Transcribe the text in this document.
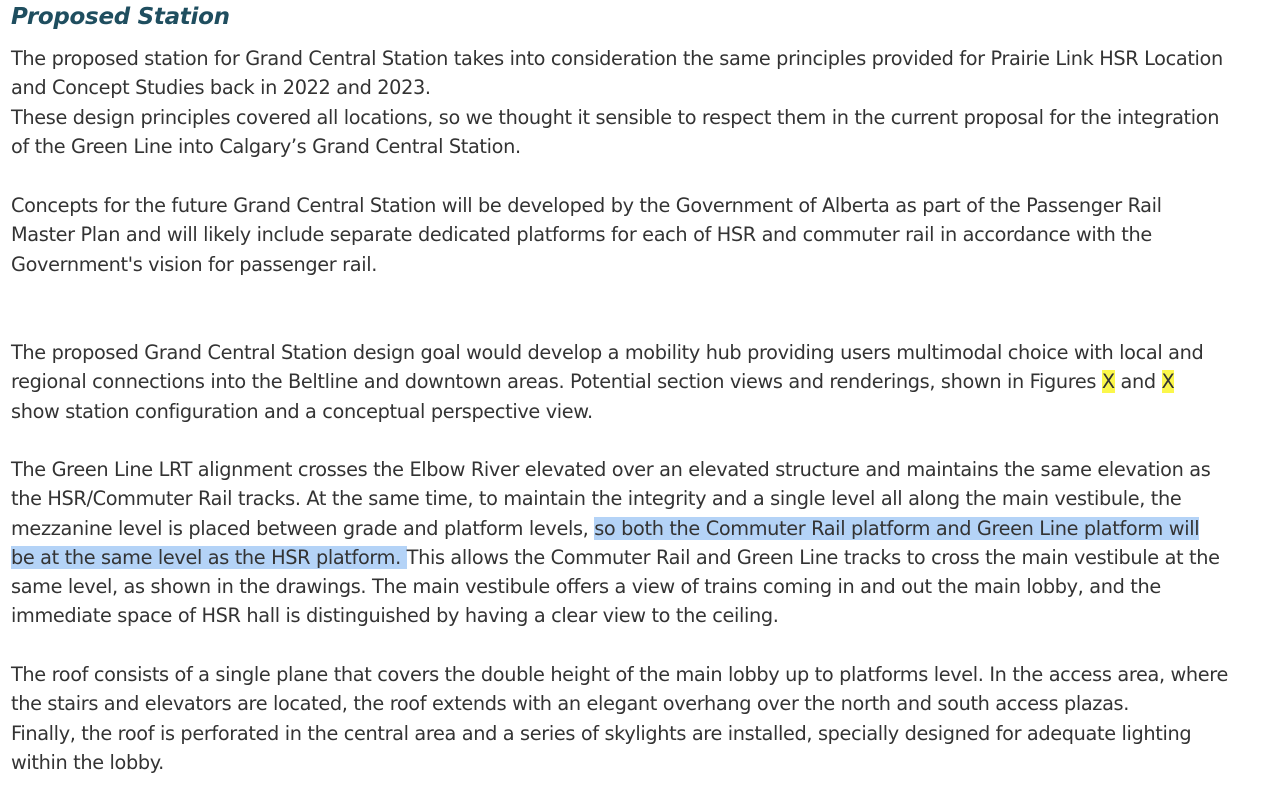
Proposed Station

The proposed station for Grand Central Station takes into consideration the same principles provided for Prairie Link HSR Location
and Concept Studies back in 2022 and 2023.
These design principles covered all locations, so we thought it sensible to respect them in the current proposal for the integration
of the Green Line into Calgary’s Grand Central Station.

Concepts for the future Grand Central Station will be developed by the Government of Alberta as part of the Passenger Rail
Master Plan and will likely include separate dedicated platforms for each of HSR and commuter rail in accordance with the
Government's vision for passenger rail.

The proposed Grand Central Station design goal would develop a mobility hub providing users multimodal choice with local and
regional connections into the Beltline and downtown areas. Potential section views and renderings, shown in Figures X and X
show station configuration and a conceptual perspective view.

The Green Line LRT alignment crosses the Elbow River elevated over an elevated structure and maintains the same elevation as
the HSR/Commuter Rail tracks. At the same time, to maintain the integrity and a single level all along the main vestibule, the
mezzanine level is placed between grade and platform levels, so both the Commuter Rail platform and Green Line platform will
be at the same level as the HSR platform. This allows the Commuter Rail and Green Line tracks to cross the main vestibule at the
same level, as shown in the drawings. The main vestibule offers a view of trains coming in and out the main lobby, and the
immediate space of HSR hall is distinguished by having a clear view to the ceiling.

The roof consists of a single plane that covers the double height of the main lobby up to platforms level. In the access area, where
the stairs and elevators are located, the roof extends with an elegant overhang over the north and south access plazas.
Finally, the roof is perforated in the central area and a series of skylights are installed, specially designed for adequate lighting
within the lobby.
